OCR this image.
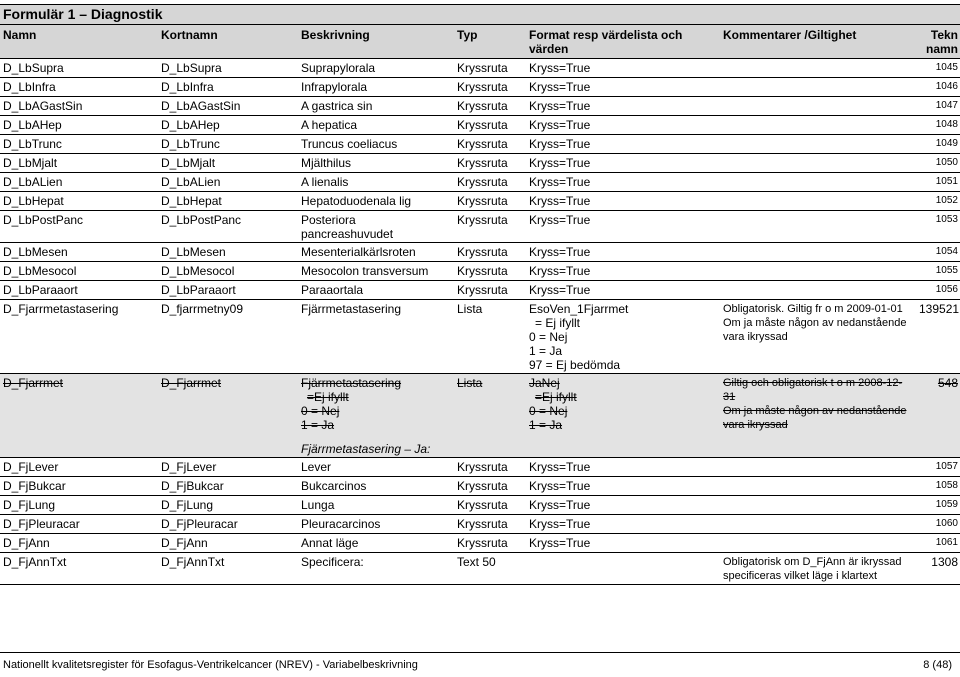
Formulär 1 – Diagnostik
Namn	Kortnamn	Beskrivning	Typ	Format resp värdelista och värden	Kommentarer /Giltighet	Tekn namn
D_LbSupra	D_LbSupra	Suprapylorala	Kryssruta	Kryss=True		1045
D_LbInfra	D_LbInfra	Infrapylorala	Kryssruta	Kryss=True		1046
D_LbAGastSin	D_LbAGastSin	A gastrica sin	Kryssruta	Kryss=True		1047
D_LbAHep	D_LbAHep	A hepatica	Kryssruta	Kryss=True		1048
D_LbTrunc	D_LbTrunc	Truncus coeliacus	Kryssruta	Kryss=True		1049
D_LbMjalt	D_LbMjalt	Mjälthilus	Kryssruta	Kryss=True		1050
D_LbALien	D_LbALien	A lienalis	Kryssruta	Kryss=True		1051
D_LbHepat	D_LbHepat	Hepatoduodenala lig	Kryssruta	Kryss=True		1052
D_LbPostPanc	D_LbPostPanc	Posteriora pancreashuvudet	Kryssruta	Kryss=True		1053
D_LbMesen	D_LbMesen	Mesenterialkärlsroten	Kryssruta	Kryss=True		1054
D_LbMesocol	D_LbMesocol	Mesocolon transversum	Kryssruta	Kryss=True		1055
D_LbParaaort	D_LbParaaort	Paraaortala	Kryssruta	Kryss=True		1056
D_Fjarrmetastasering	D_fjarrmetny09	Fjärrmetastasering	Lista	EsoVen_1Fjarrmet
= Ej ifyllt
0 = Nej
1 = Ja
97 = Ej bedömda	Obligatorisk. Giltig fr o m 2009-01-01
Om ja måste någon av nedanstående vara ikryssad	139521
D_Fjarrmet	D_Fjarrmet	Fjärrmetastasering
=Ej ifyllt
0 = Nej
1 = Ja
Fjärrmetastasering – Ja:	Lista	JaNej
=Ej ifyllt
0 = Nej
1 = Ja	Giltig och obligatorisk t o m 2008-12-31
Om ja måste någon av nedanstående vara ikryssad	548
D_FjLever	D_FjLever	Lever	Kryssruta	Kryss=True		1057
D_FjBukcar	D_FjBukcar	Bukcarcinos	Kryssruta	Kryss=True		1058
D_FjLung	D_FjLung	Lunga	Kryssruta	Kryss=True		1059
D_FjPleuracar	D_FjPleuracar	Pleuracarcinos	Kryssruta	Kryss=True		1060
D_FjAnn	D_FjAnn	Annat läge	Kryssruta	Kryss=True		1061
D_FjAnnTxt	D_FjAnnTxt	Specificera:	Text 50		Obligatorisk om D_FjAnn är ikryssad specificeras vilket läge i klartext	1308
Nationellt kvalitetsregister för Esofagus-Ventrikelcancer (NREV) - Variabelbeskrivning	8 (48)
